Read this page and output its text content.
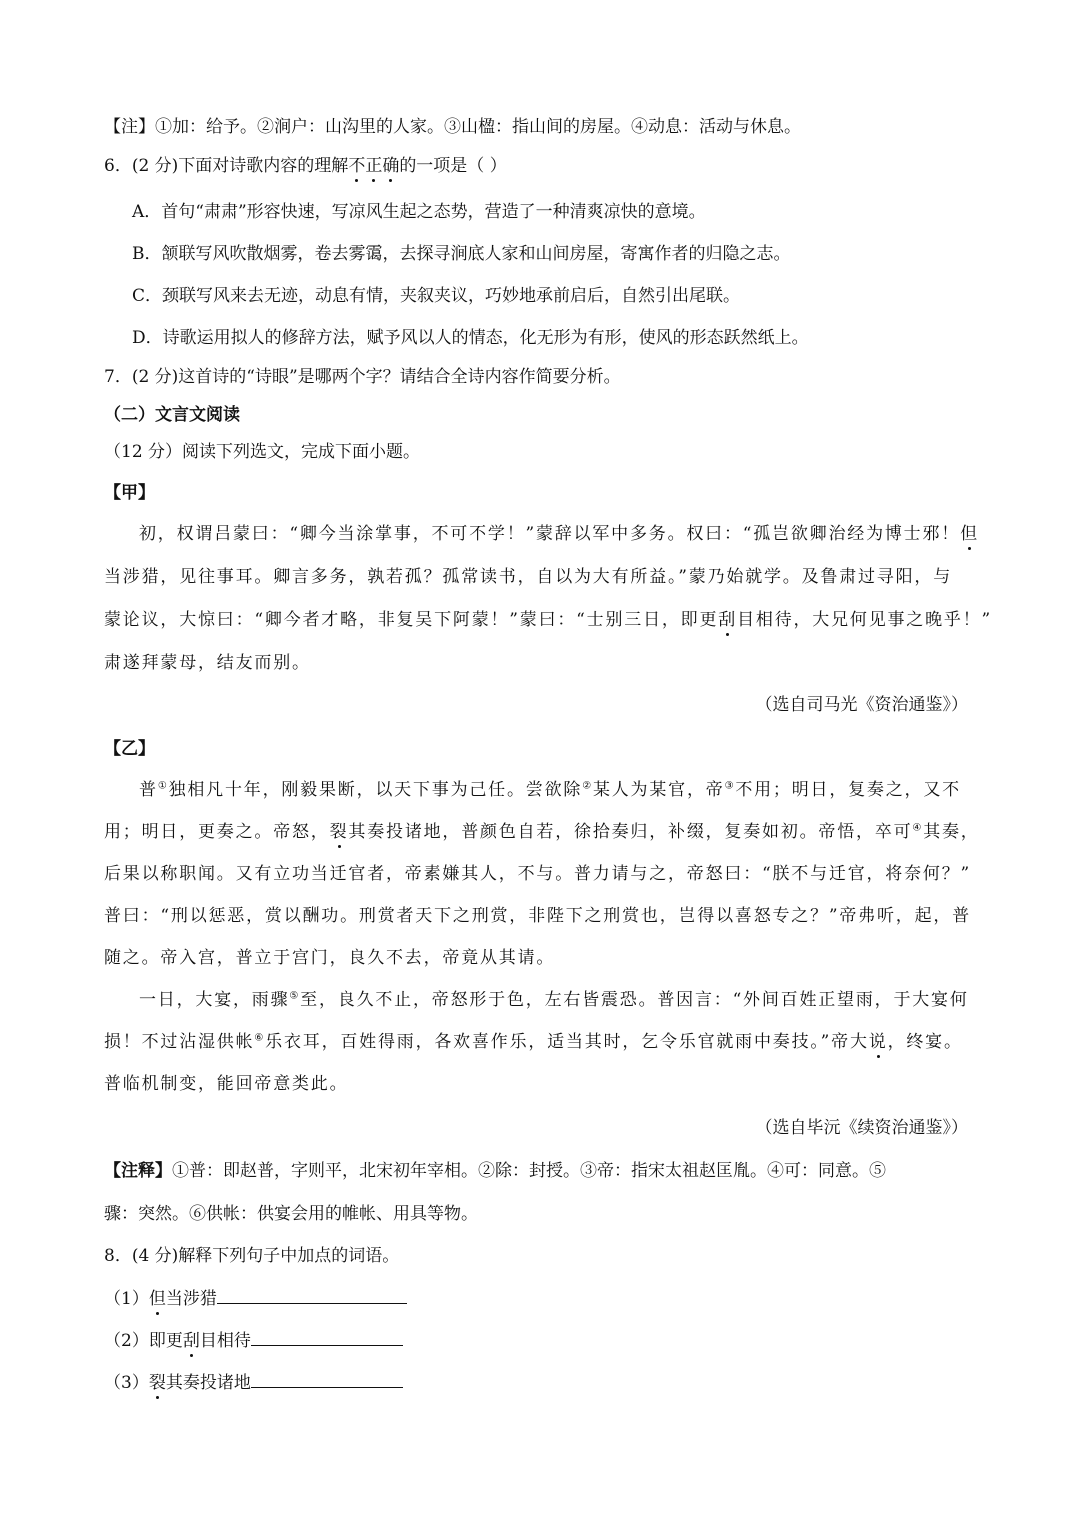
【注】①加：给予。②涧户：山沟里的人家。③山楹：指山间的房屋。④动息：活动与休息。
6．(2 分)下面对诗歌内容的理解不正确的一项是（ ）
A．首句“肃肃”形容快速，写凉风生起之态势，营造了一种清爽凉快的意境。
B．颔联写风吹散烟雾，卷去雾霭，去探寻涧底人家和山间房屋，寄寓作者的归隐之志。
C．颈联写风来去无迹，动息有情，夹叙夹议，巧妙地承前启后，自然引出尾联。
D．诗歌运用拟人的修辞方法，赋予风以人的情态，化无形为有形，使风的形态跃然纸上。
7．(2 分)这首诗的“诗眼”是哪两个字？请结合全诗内容作简要分析。
（二）文言文阅读
（12 分）阅读下列选文，完成下面小题。
【甲】
初，权谓吕蒙曰：“卿今当涂掌事，不可不学！”蒙辞以军中多务。权曰：“孤岂欲卿治经为博士邪！但
当涉猎，见往事耳。卿言多务，孰若孤？孤常读书，自以为大有所益。”蒙乃始就学。及鲁肃过寻阳，与
蒙论议，大惊曰：“卿今者才略，非复吴下阿蒙！”蒙曰：“士别三日，即更刮目相待，大兄何见事之晚乎！”
肃遂拜蒙母，结友而别。
（选自司马光《资治通鉴》）
【乙】
普①独相凡十年，刚毅果断，以天下事为己任。尝欲除②某人为某官，帝③不用；明日，复奏之，又不
用；明日，更奏之。帝怒，裂其奏投诸地，普颜色自若，徐拾奏归，补缀，复奏如初。帝悟，卒可④其奏，
后果以称职闻。又有立功当迁官者，帝素嫌其人，不与。普力请与之，帝怒曰：“朕不与迁官，将奈何？”
普曰：“刑以惩恶，赏以酬功。刑赏者天下之刑赏，非陛下之刑赏也，岂得以喜怒专之？”帝弗听，起，普
随之。帝入宫，普立于宫门，良久不去，帝竟从其请。
一日，大宴，雨骤⑤至，良久不止，帝怒形于色，左右皆震恐。普因言：“外间百姓正望雨，于大宴何
损！不过沾湿供帐⑥乐衣耳，百姓得雨，各欢喜作乐，适当其时，乞令乐官就雨中奏技。”帝大说，终宴。
普临机制变，能回帝意类此。
（选自毕沅《续资治通鉴》）
【注释】①普：即赵普，字则平，北宋初年宰相。②除：封授。③帝：指宋太祖赵匡胤。④可：同意。⑤
骤：突然。⑥供帐：供宴会用的帷帐、用具等物。
8．(4 分)解释下列句子中加点的词语。
（1）但当涉猎
（2）即更刮目相待
（3）裂其奏投诸地
